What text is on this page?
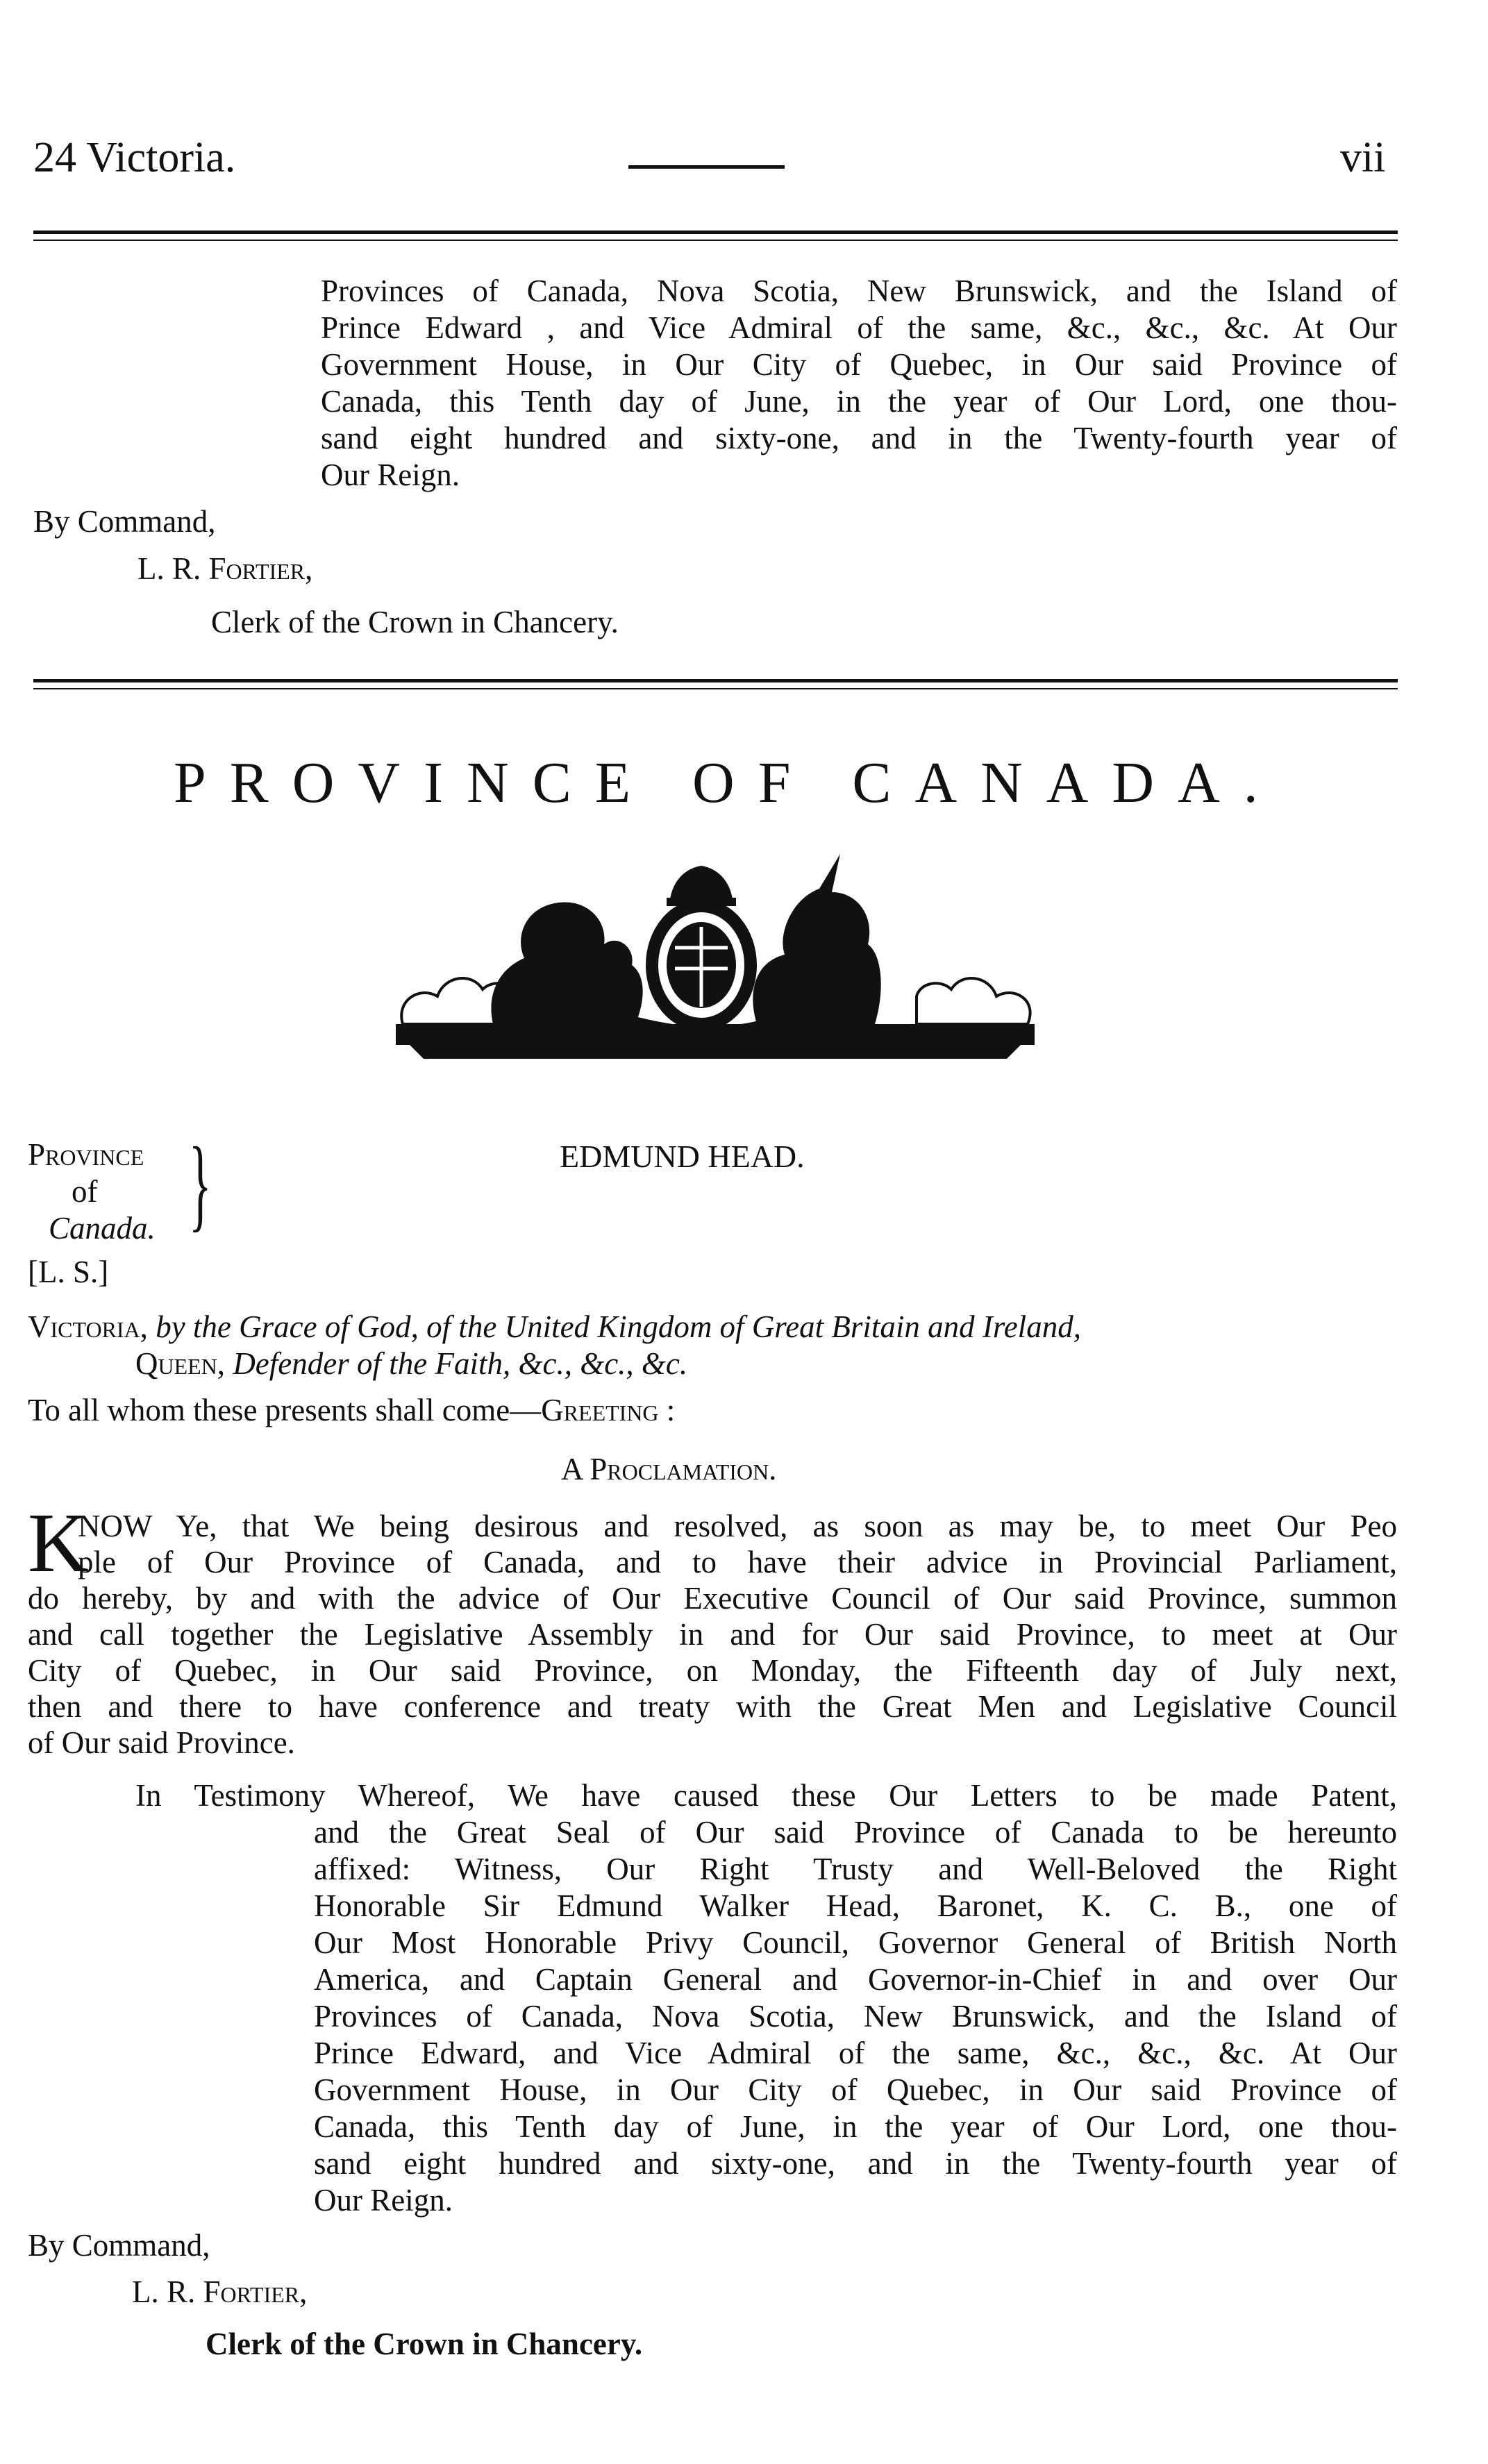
24 Victoria.	vii
Provinces of Canada, Nova Scotia, New Brunswick, and the Island of
Prince Edward , and Vice Admiral of the same, &c., &c., &c. At Our
Government House, in Our City of Quebec, in Our said Province of
Canada, this Tenth day of June, in the year of Our Lord, one thou-
sand eight hundred and sixty-one, and in the Twenty-fourth year of
Our Reign.
By Command,
L. R. Fortier,
Clerk of the Crown in Chancery.
PROVINCE OF CANADA.
Province
of
Canada. }
[L. S.]
EDMUND HEAD.
Victoria, by the Grace of God, of the United Kingdom of Great Britain and Ireland,
Queen, Defender of the Faith, &c., &c., &c.
To all whom these presents shall come—Greeting :
A Proclamation.
K
NOW Ye, that We being desirous and resolved, as soon as may be, to meet Our Peo
ple of Our Province of Canada, and to have their advice in Provincial Parliament,
do hereby, by and with the advice of Our Executive Council of Our said Province, summon
and call together the Legislative Assembly in and for Our said Province, to meet at Our
City of Quebec, in Our said Province, on Monday, the Fifteenth day of July next,
then and there to have conference and treaty with the Great Men and Legislative Council
of Our said Province.
In Testimony Whereof, We have caused these Our Letters to be made Patent,
and the Great Seal of Our said Province of Canada to be hereunto
affixed: Witness, Our Right Trusty and Well-Beloved the Right
Honorable Sir Edmund Walker Head, Baronet, K. C. B., one of
Our Most Honorable Privy Council, Governor General of British North
America, and Captain General and Governor-in-Chief in and over Our
Provinces of Canada, Nova Scotia, New Brunswick, and the Island of
Prince Edward, and Vice Admiral of the same, &c., &c., &c. At Our
Government House, in Our City of Quebec, in Our said Province of
Canada, this Tenth day of June, in the year of Our Lord, one thou-
sand eight hundred and sixty-one, and in the Twenty-fourth year of
Our Reign.
By Command,
L. R. Fortier,
Clerk of the Crown in Chancery.
